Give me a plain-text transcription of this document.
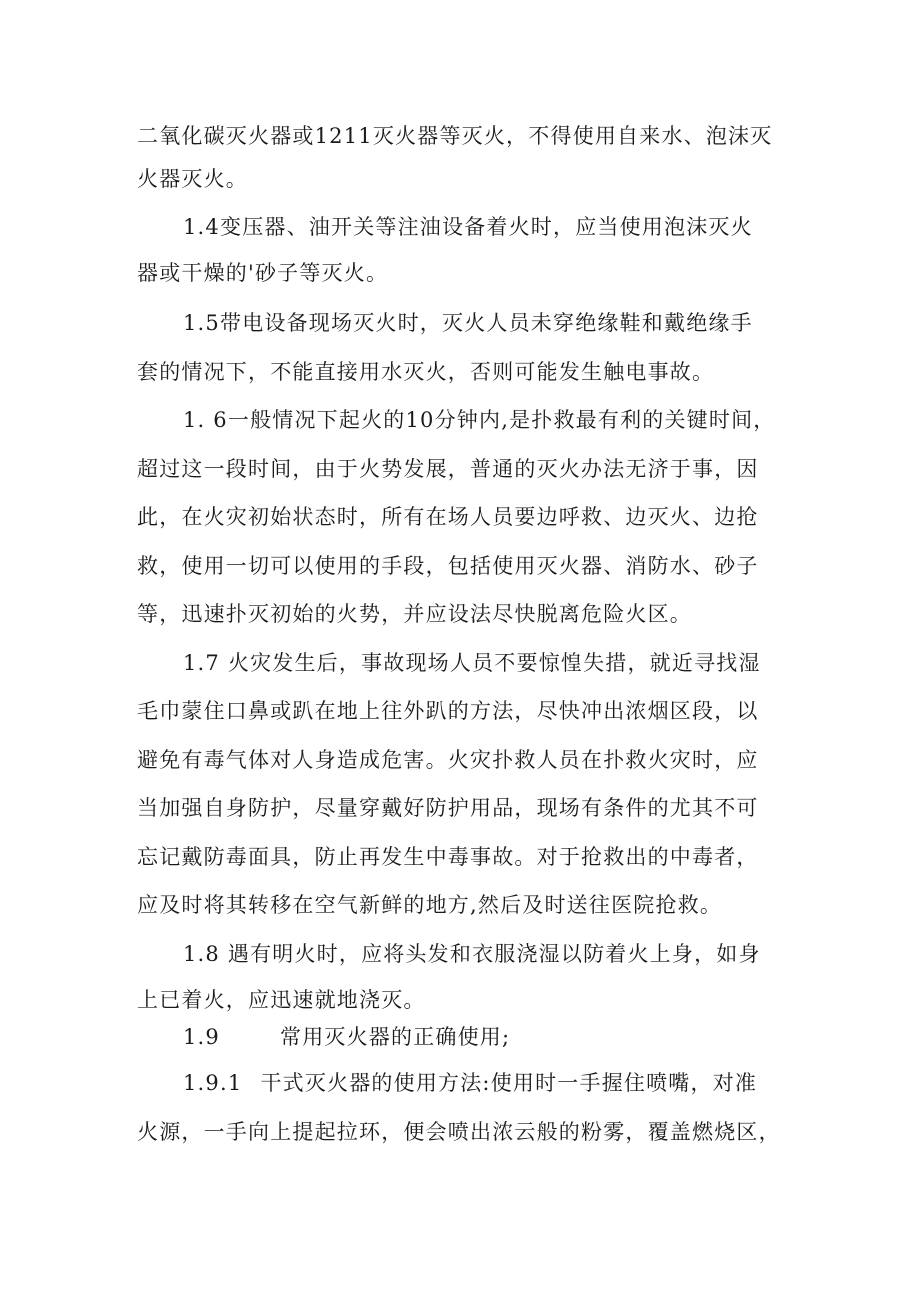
二氧化碳灭火器或1211灭火器等灭火，不得使用自来水、泡沫灭
火器灭火。
1.4变压器、油开关等注油设备着火时，应当使用泡沫灭火
器或干燥的'砂子等灭火。
1.5带电设备现场灭火时，灭火人员未穿绝缘鞋和戴绝缘手
套的情况下，不能直接用水灭火，否则可能发生触电事故。
1. 6一般情况下起火的10分钟内,是扑救最有利的关键时间，
超过这一段时间，由于火势发展，普通的灭火办法无济于事，因
此，在火灾初始状态时，所有在场人员要边呼救、边灭火、边抢
救，使用一切可以使用的手段，包括使用灭火器、消防水、砂子
等，迅速扑灭初始的火势，并应设法尽快脱离危险火区。
1.7 火灾发生后，事故现场人员不要惊惶失措，就近寻找湿
毛巾蒙住口鼻或趴在地上往外趴的方法，尽快冲出浓烟区段，以
避免有毒气体对人身造成危害。火灾扑救人员在扑救火灾时，应
当加强自身防护，尽量穿戴好防护用品，现场有条件的尤其不可
忘记戴防毒面具，防止再发生中毒事故。对于抢救出的中毒者，
应及时将其转移在空气新鲜的地方,然后及时送往医院抢救。
1.8 遇有明火时，应将头发和衣服浇湿以防着火上身，如身
上已着火，应迅速就地浇灭。
1.9	常用灭火器的正确使用;
1.9.1 干式灭火器的使用方法:使用时一手握住喷嘴，对准
火源，一手向上提起拉环，便会喷出浓云般的粉雾，覆盖燃烧区，
